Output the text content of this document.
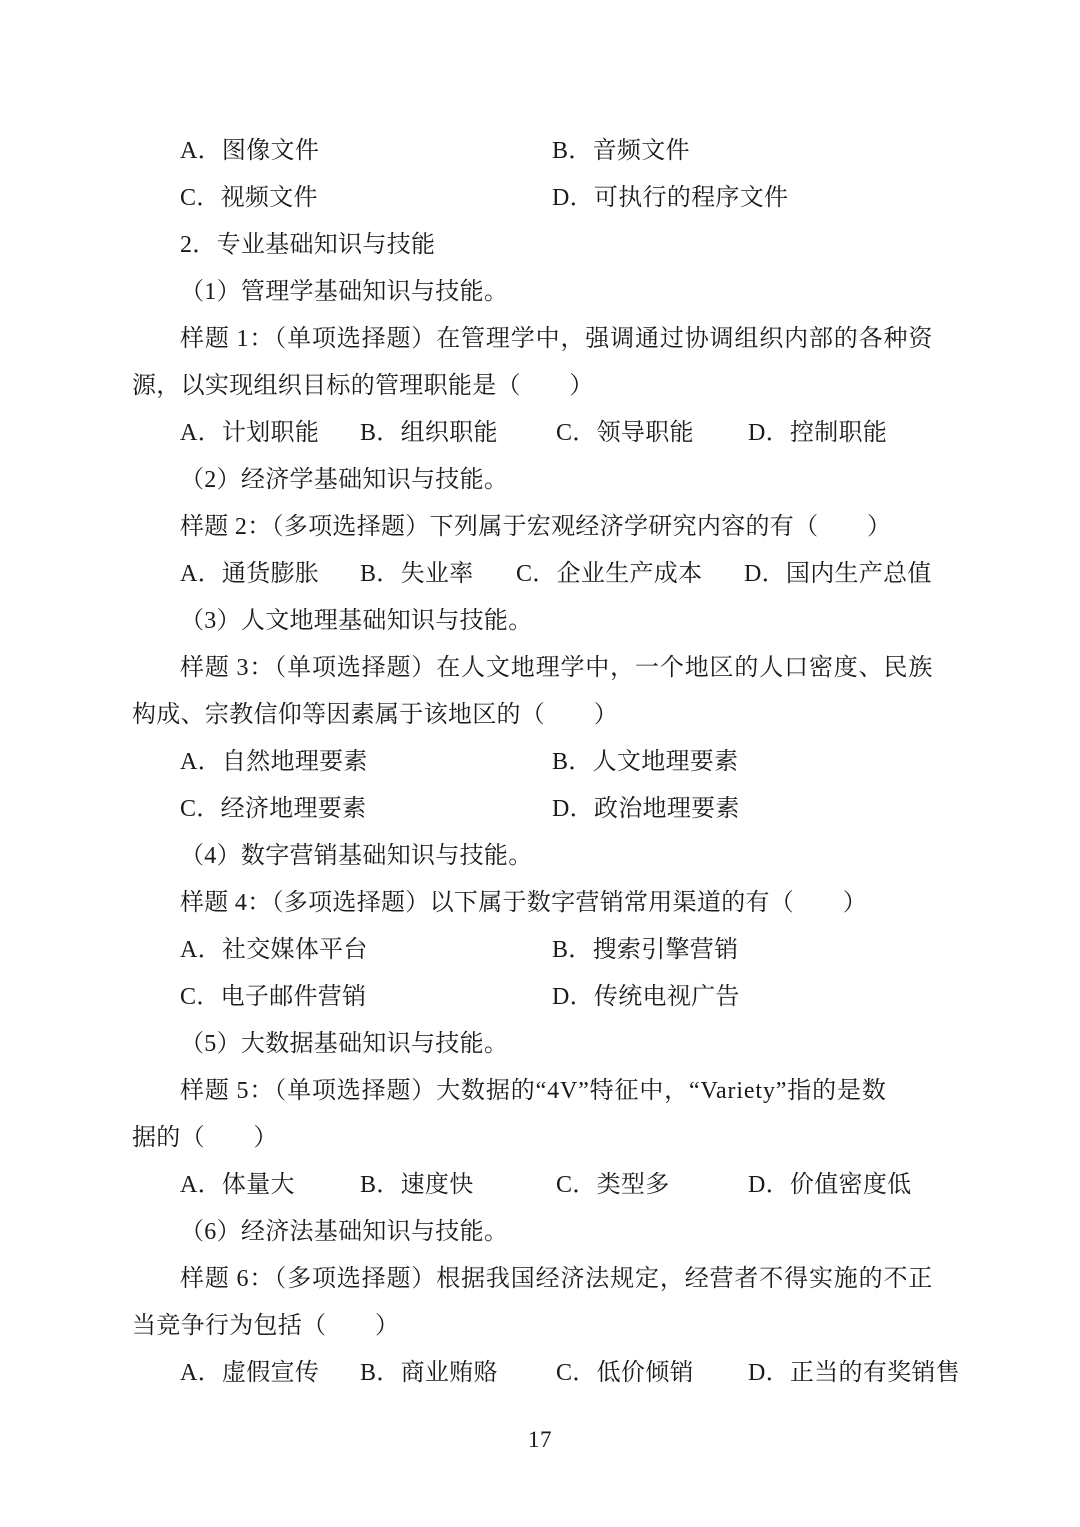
A．图像文件	B．音频文件
C．视频文件	D．可执行的程序文件
2．专业基础知识与技能
（1）管理学基础知识与技能。
样题 1：（单项选择题）在管理学中，强调通过协调组织内部的各种资
源，以实现组织目标的管理职能是（　　）
A．计划职能 B．组织职能 C．领导职能 D．控制职能
（2）经济学基础知识与技能。
样题 2：（多项选择题）下列属于宏观经济学研究内容的有（　　）
A．通货膨胀 B．失业率 C．企业生产成本 D．国内生产总值
（3）人文地理基础知识与技能。
样题 3：（单项选择题）在人文地理学中，一个地区的人口密度、民族
构成、宗教信仰等因素属于该地区的（　　）
A．自然地理要素	B．人文地理要素
C．经济地理要素	D．政治地理要素
（4）数字营销基础知识与技能。
样题 4：（多项选择题）以下属于数字营销常用渠道的有（　　）
A．社交媒体平台	B．搜索引擎营销
C．电子邮件营销	D．传统电视广告
（5）大数据基础知识与技能。
样题 5：（单项选择题）大数据的“4V”特征中，“Variety”指的是数
据的（　　）
A．体量大	B．速度快	C．类型多	D．价值密度低
（6）经济法基础知识与技能。
样题 6：（多项选择题）根据我国经济法规定，经营者不得实施的不正
当竞争行为包括（　　）
A．虚假宣传 B．商业贿赂 C．低价倾销 D．正当的有奖销售
17
